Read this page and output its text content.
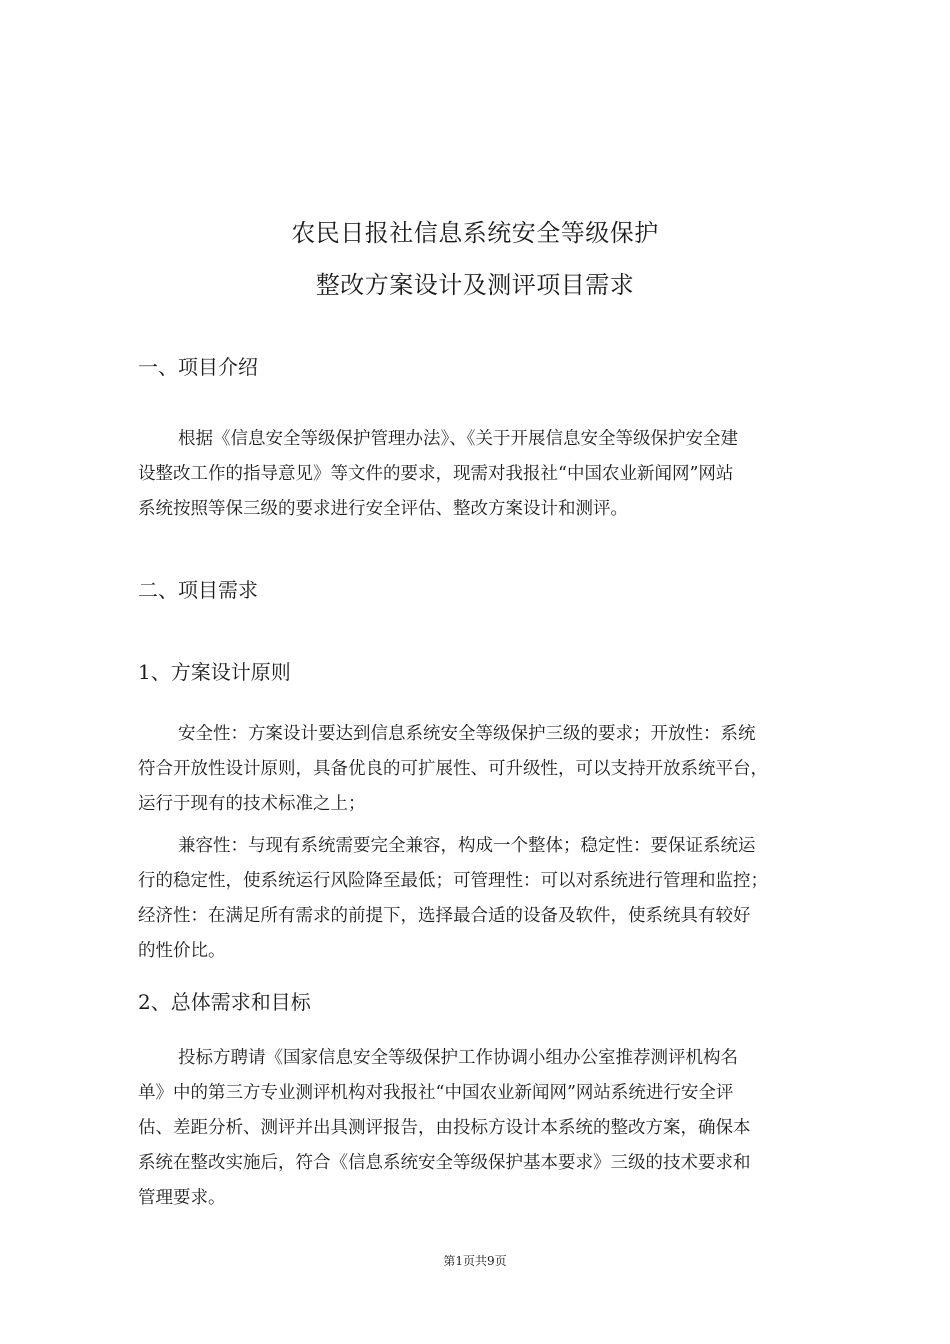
农民日报社信息系统安全等级保护
整改方案设计及测评项目需求
一、项目介绍
根据《信息安全等级保护管理办法》、《关于开展信息安全等级保护安全建
设整改工作的指导意见》等文件的要求，现需对我报社“中国农业新闻网”网站
系统按照等保三级的要求进行安全评估、整改方案设计和测评。
二、项目需求
1、方案设计原则
安全性：方案设计要达到信息系统安全等级保护三级的要求；开放性：系统
符合开放性设计原则，具备优良的可扩展性、可升级性，可以支持开放系统平台，
运行于现有的技术标准之上；
兼容性：与现有系统需要完全兼容，构成一个整体；稳定性：要保证系统运
行的稳定性，使系统运行风险降至最低；可管理性：可以对系统进行管理和监控；
经济性：在满足所有需求的前提下，选择最合适的设备及软件，使系统具有较好
的性价比。
2、总体需求和目标
投标方聘请《国家信息安全等级保护工作协调小组办公室推荐测评机构名
单》中的第三方专业测评机构对我报社“中国农业新闻网”网站系统进行安全评
估、差距分析、测评并出具测评报告，由投标方设计本系统的整改方案，确保本
系统在整改实施后，符合《信息系统安全等级保护基本要求》三级的技术要求和
管理要求。
第1页共9页
